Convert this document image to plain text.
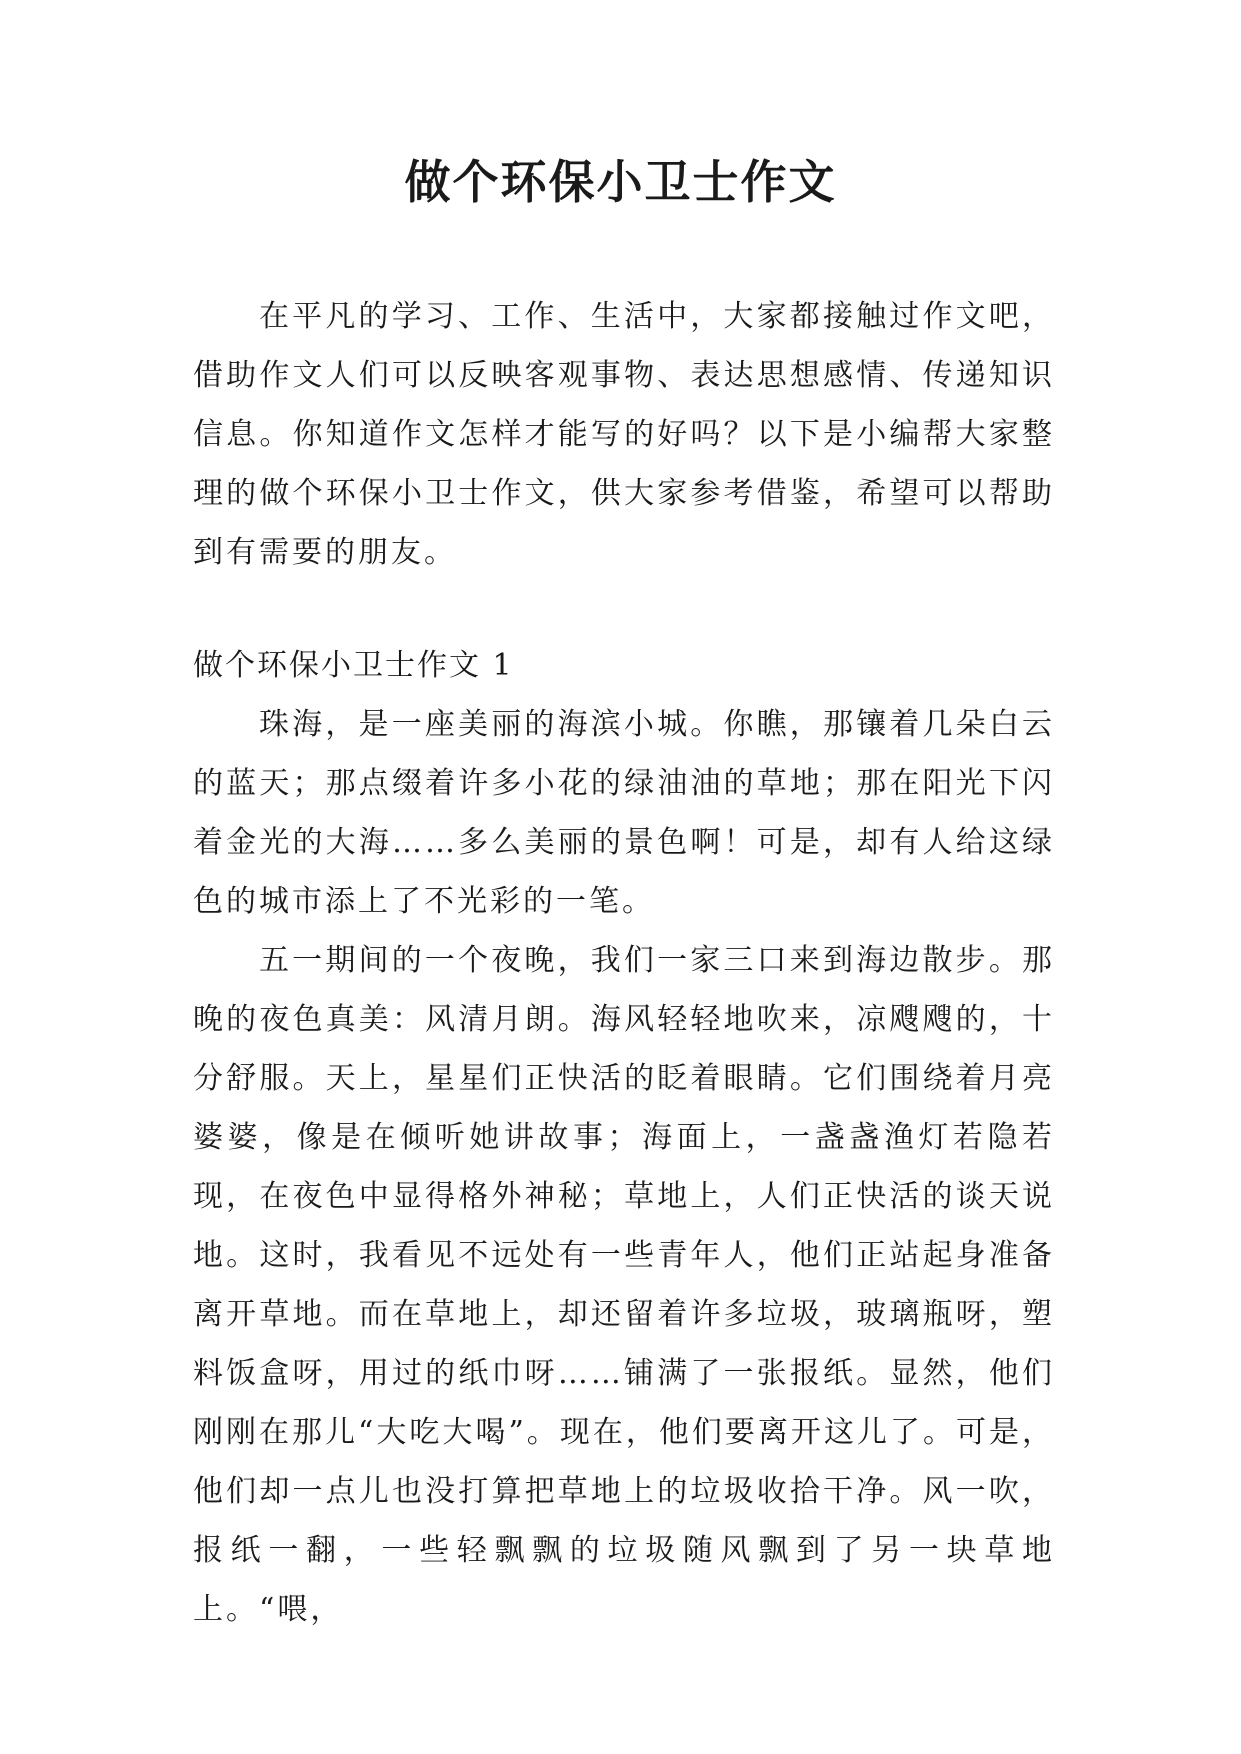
做个环保小卫士作文

在平凡的学习、工作、生活中，大家都接触过作文吧，借助作文人们可以反映客观事物、表达思想感情、传递知识信息。你知道作文怎样才能写的好吗？以下是小编帮大家整理的做个环保小卫士作文，供大家参考借鉴，希望可以帮助到有需要的朋友。

做个环保小卫士作文 1

珠海，是一座美丽的海滨小城。你瞧，那镶着几朵白云的蓝天；那点缀着许多小花的绿油油的草地；那在阳光下闪着金光的大海……多么美丽的景色啊！可是，却有人给这绿色的城市添上了不光彩的一笔。

五一期间的一个夜晚，我们一家三口来到海边散步。那晚的夜色真美：风清月朗。海风轻轻地吹来，凉飕飕的，十分舒服。天上，星星们正快活的眨着眼睛。它们围绕着月亮婆婆，像是在倾听她讲故事；海面上，一盏盏渔灯若隐若现，在夜色中显得格外神秘；草地上，人们正快活的谈天说地。这时，我看见不远处有一些青年人，他们正站起身准备离开草地。而在草地上，却还留着许多垃圾，玻璃瓶呀，塑料饭盒呀，用过的纸巾呀……铺满了一张报纸。显然，他们刚刚在那儿“大吃大喝”。现在，他们要离开这儿了。可是，他们却一点儿也没打算把草地上的垃圾收拾干净。风一吹，报纸一翻，一些轻飘飘的垃圾随风飘到了另一块草地上。“喂，
